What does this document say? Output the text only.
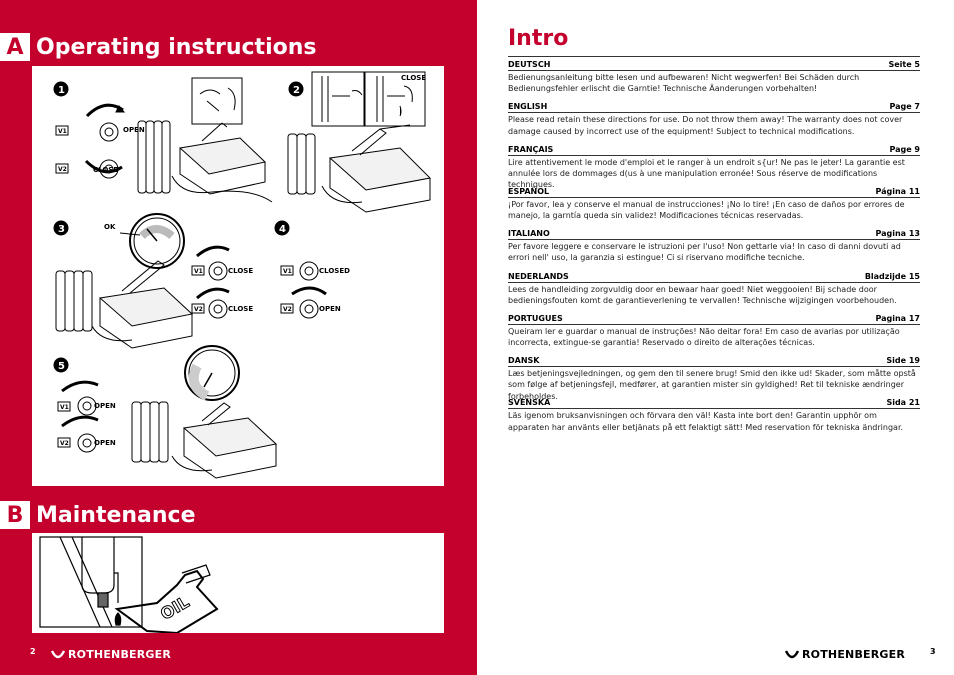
A Operating instructions
1
V1	OPEN
V2	CLOSE
2
CLOSE
3	OK
V1	CLOSE
V2	CLOSE
4
V1	CLOSED
V2	OPEN
5
V1	OPEN
V2	OPEN
B Maintenance
OIL
2	ROTHENBERGER
Intro
DEUTSCH	Seite 5
Bedienungsanleitung bitte lesen und aufbewaren! Nicht wegwerfen! Bei Schäden durch Bedienungsfehler erlischt die Garntie! Technische Äanderungen vorbehalten!
ENGLISH	Page 7
Please read retain these directions for use. Do not throw them away! The warranty does not cover damage caused by incorrect use of the equipment! Subject to technical modifications.
FRANÇAIS	Page 9
Lire attentivement le mode d'emploi et le ranger à un endroit s{ur! Ne pas le jeter! La garantie est annulée lors de dommages d(us à une manipulation erronée! Sous réserve de modifications techniques.
ESPAÑOL	Página 11
¡Por favor, lea y conserve el manual de instrucciones! ¡No lo tire! ¡En caso de daños por errores de manejo, la garntía queda sin validez! Modificaciones técnicas reservadas.
ITALIANO	Pagina 13
Per favore leggere e conservare le istruzioni per l'uso! Non gettarle via! In caso di danni dovuti ad errori nell' uso, la garanzia si estingue! Ci si riservano modifiche tecniche.
NEDERLANDS	Bladzijde 15
Lees de handleiding zorgvuldig door en bewaar haar goed! Niet weggooien! Bij schade door bedieningsfouten komt de garantieverlening te vervallen! Technische wijzigingen voorbehouden.
PORTUGUES	Pagina 17
Queiram ler e guardar o manual de instruções! Não deitar fora! Em caso de avarias por utilização incorrecta, extingue-se garantia! Reservado o direito de alterações técnicas.
DANSK	Side 19
Læs betjeningsvejledningen, og gem den til senere brug! Smid den ikke ud! Skader, som måtte opstå som følge af betjeningsfejl, medfører, at garantien mister sin gyldighed! Ret til tekniske ændringer forbeholdes.
SVENSKA	Sida 21
Läs igenom bruksanvisningen och förvara den väl! Kasta inte bort den! Garantin upphör om apparaten har använts eller betjänats på ett felaktigt sätt! Med reservation för tekniska ändringar.
ROTHENBERGER	3
